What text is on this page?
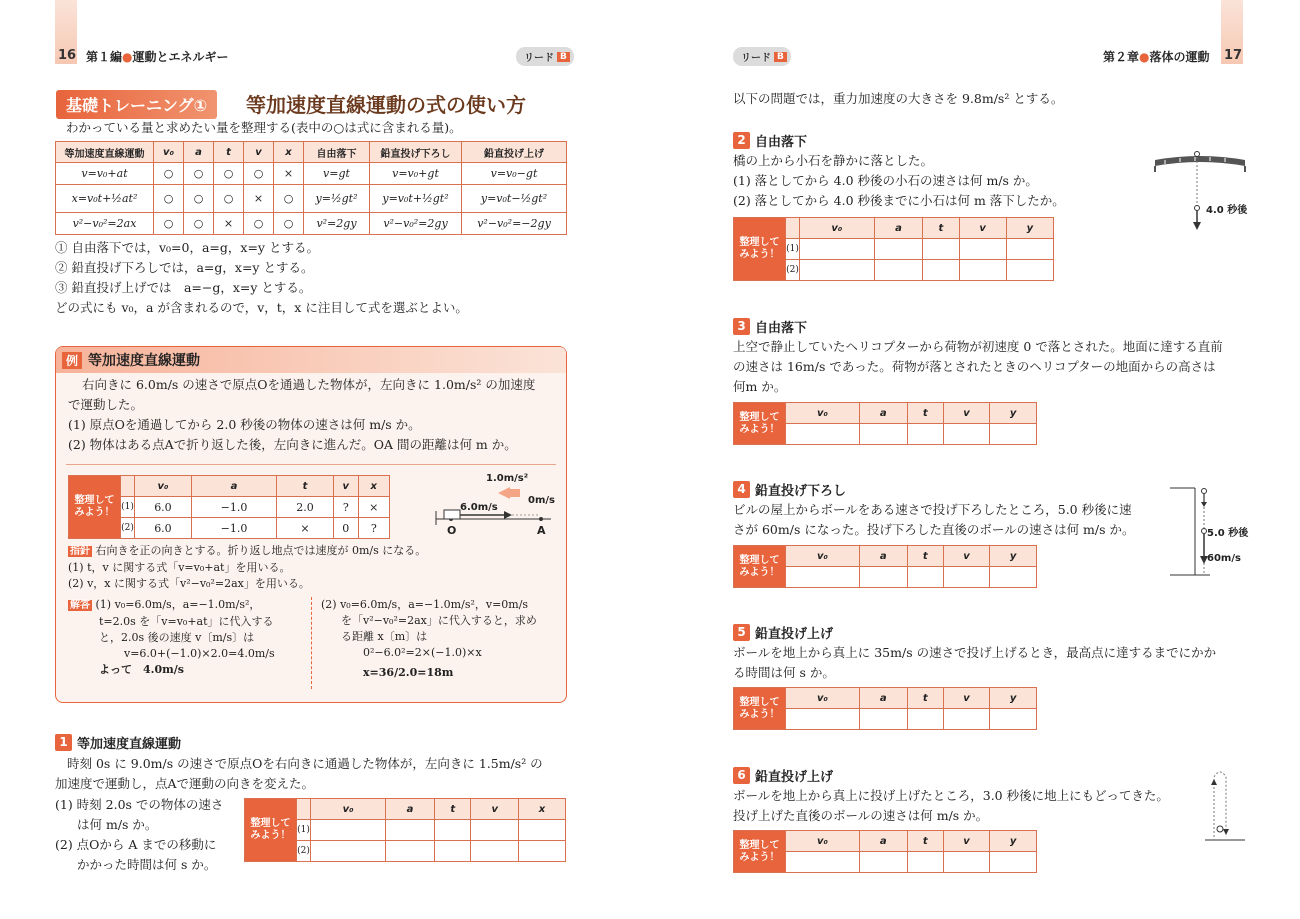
16 第１編●運動とエネルギー	リード B
基礎トレーニング①	等加速度直線運動の式の使い方
わかっている量と求めたい量を整理する(表中の○は式に含まれる量)。
等加速度直線運動	v₀	a	t	v	x	自由落下	鉛直投げ下ろし	鉛直投げ上げ
v=v₀+at	○	○	○	○	×	v=gt	v=v₀+gt	v=v₀−gt
x=v₀t+½at²	○	○	○	×	○	y=½gt²	y=v₀t+½gt²	y=v₀t−½gt²
v²−v₀²=2ax	○	○	×	○	○	v²=2gy	v²−v₀²=2gy	v²−v₀²=−2gy
① 自由落下では，v₀=0，a=g，x=y とする。
② 鉛直投げ下ろしでは，a=g，x=y とする。
③ 鉛直投げ上げでは　a=−g，x=y とする。
どの式にも v₀，a が含まれるので，v，t，x に注目して式を選ぶとよい。
例 等加速度直線運動
右向きに 6.0m/s の速さで原点Oを通過した物体が，左向きに 1.0m/s² の加速度
で運動した。
(1) 原点Oを通過してから 2.0 秒後の物体の速さは何 m/s か。
(2) 物体はある点Aで折り返した後，左向きに進んだ。OA 間の距離は何 m か。
整理して
みよう！		v₀	a	t	v	x
	(1)	6.0	−1.0	2.0	?	×
	(2)	6.0	−1.0	×	0	?
1.0m/s²
6.0m/s
0m/s
O	A
指針 右向きを正の向きとする。折り返し地点では速度が 0m/s になる。
(1) t，v に関する式「v=v₀+at」を用いる。
(2) v，x に関する式「v²−v₀²=2ax」を用いる。
解答 (1) v₀=6.0m/s，a=−1.0m/s²，
t=2.0s を「v=v₀+at」に代入する
と，2.0s 後の速度 v〔m/s〕は
v=6.0+(−1.0)×2.0=4.0m/s
よって　4.0m/s
(2) v₀=6.0m/s，a=−1.0m/s²，v=0m/s
を「v²−v₀²=2ax」に代入すると，求め
る距離 x〔m〕は
0²−6.0²=2×(−1.0)×x
x=36/2.0=18m
1 等加速度直線運動
時刻 0s に 9.0m/s の速さで原点Oを右向きに通過した物体が，左向きに 1.5m/s² の
加速度で運動し，点Aで運動の向きを変えた。
(1) 時刻 2.0s での物体の速さ
は何 m/s か。
(2) 点Oから A までの移動に
かかった時間は何 s か。
整理して
みよう！		v₀	a	t	v	x
	(1)					
	(2)					
17
第２章●落体の運動
リード B
以下の問題では，重力加速度の大きさを 9.8m/s² とする。
2 自由落下
橋の上から小石を静かに落とした。
(1) 落としてから 4.0 秒後の小石の速さは何 m/s か。
(2) 落としてから 4.0 秒後までに小石は何 m 落下したか。
4.0 秒後
整理して
みよう！		v₀	a	t	v	y
	(1)					
	(2)					
3 自由落下
上空で静止していたヘリコプターから荷物が初速度 0 で落とされた。地面に達する直前
の速さは 16m/s であった。荷物が落とされたときのヘリコプターの地面からの高さは
何m か。
整理して
みよう！	v₀	a	t	v	y

4 鉛直投げ下ろし
ビルの屋上からボールをある速さで投げ下ろしたところ，5.0 秒後に速
さが 60m/s になった。投げ下ろした直後のボールの速さは何 m/s か。	5.0 秒後
60m/s
整理して
みよう！	v₀	a	t	v	y

5 鉛直投げ上げ
ボールを地上から真上に 35m/s の速さで投げ上げるとき，最高点に達するまでにかか
る時間は何 s か。
整理して
みよう！	v₀	a	t	v	y

6 鉛直投げ上げ
ボールを地上から真上に投げ上げたところ，3.0 秒後に地上にもどってきた。
投げ上げた直後のボールの速さは何 m/s か。
整理して
みよう！	v₀	a	t	v	y
